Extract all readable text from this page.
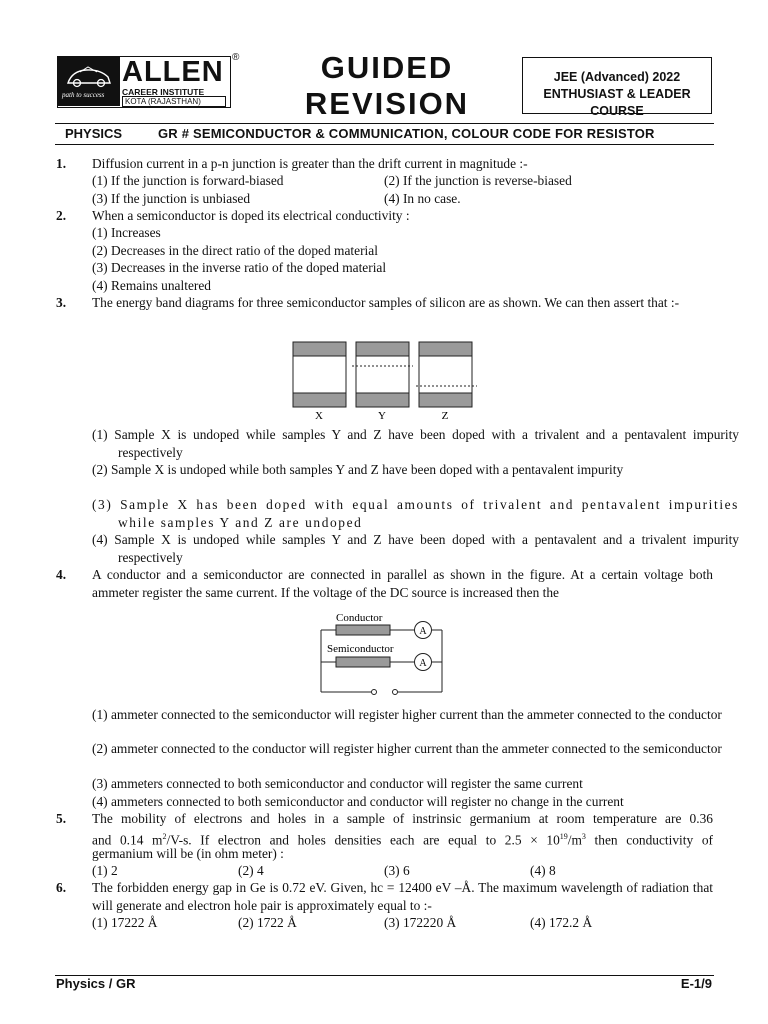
path to success
ALLEN
CAREER INSTITUTE
KOTA (RAJASTHAN)
®	GUIDED
REVISION
JEE (Advanced) 2022
ENTHUSIAST & LEADER COURSE
PHYSICS	GR # SEMICONDUCTOR & COMMUNICATION, COLOUR CODE FOR RESISTOR
1. Diffusion current in a p-n junction is greater than the drift current in magnitude :-
(1) If the junction is forward-biased	(2) If the junction is reverse-biased
(3) If the junction is unbiased	(4) In no case.
2. When a semiconductor is doped its electrical conductivity :
(1) Increases
(2) Decreases in the direct ratio of the doped material
(3) Decreases in the inverse ratio of the doped material
(4) Remains unaltered
3. The energy band diagrams for three semiconductor samples of silicon are as shown. We can then assert that :-
X	Y	Z
(1) Sample X is undoped while samples Y and Z have been doped with a trivalent and a pentavalent impurity respectively
(2) Sample X is undoped while both samples Y and Z have been doped with a pentavalent impurity
(3) Sample X has been doped with equal amounts of trivalent and pentavalent impurities while samples Y and Z are undoped
(4) Sample X is undoped while samples Y and Z have been doped with a pentavalent and a trivalent impurity respectively
4. A conductor and a semiconductor are connected in parallel as shown in the figure. At a certain voltage both ammeter register the same current. If the voltage of the DC source is increased then the
A
A
Conductor
Semiconductor
(1) ammeter connected to the semiconductor will register higher current than the ammeter connected to the conductor
(2) ammeter connected to the conductor will register higher current than the ammeter connected to the semiconductor
(3) ammeters connected to both semiconductor and conductor will register the same current
(4) ammeters connected to both semiconductor and conductor will register no change in the current
5. The mobility of electrons and holes in a sample of instrinsic germanium at room temperature are 0.36
and 0.14 $m^2/V-s$. If electron and holes densities each are equal to $2.5 \times 10^{19}/m^3$ then conductivity of
germanium will be (in ohm meter) :
(1) 2	(2) 4	(3) 6	(4) 8
6. The forbidden energy gap in Ge is 0.72 eV. Given, hc = 12400 eV –Å. The maximum wavelength of radiation that will generate and electron hole pair is approximately equal to :-
(1) 17222 Å	(2) 1722 Å	(3) 172220 Å	(4) 172.2 Å
Physics / GR	E-1/9
